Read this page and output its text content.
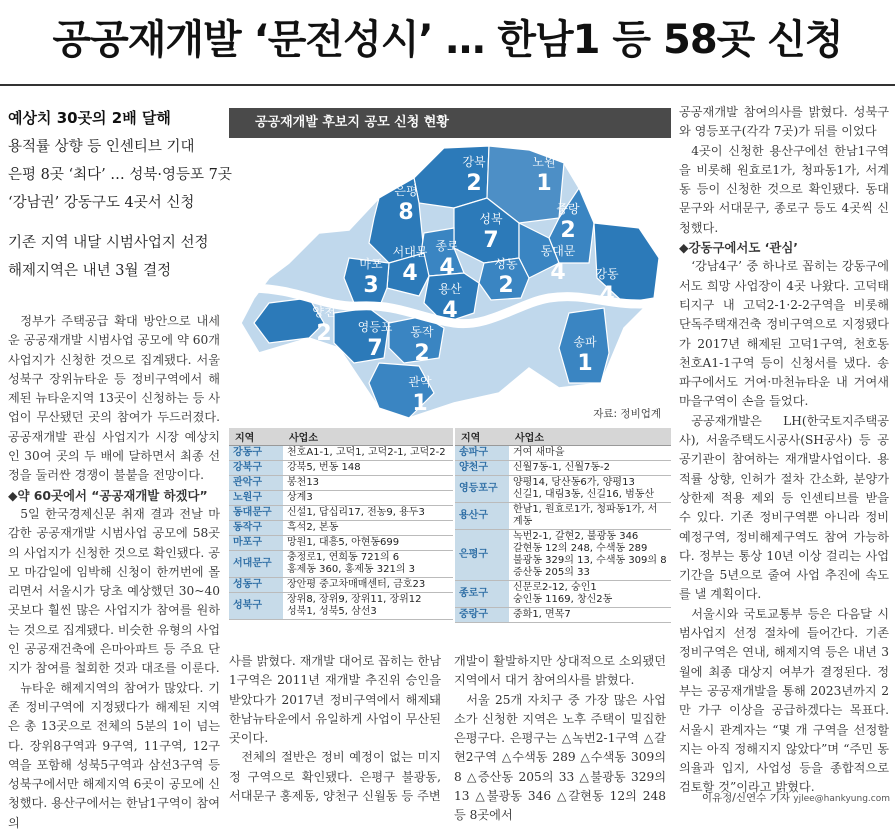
공공재개발 ‘문전성시’ … 한남1 등 58곳 신청
예상치 30곳의 2배 달해
용적률 상향 등 인센티브 기대
은평 8곳 ‘최다’ … 성북·영등포 7곳
‘강남권’ 강동구도 4곳서 신청
기존 지역 내달 시범사업지 선정
해제지역은 내년 3월 결정

정부가 주택공급 확대 방안으로 내세운 공공재개발 시범사업 공모에 약 60개 사업지가 신청한 것으로 집계됐다. 서울 성북구 장위뉴타운 등 정비구역에서 해제된 뉴타운지역 13곳이 신청하는 등 사업이 무산됐던 곳의 참여가 두드러졌다. 공공재개발 관심 사업지가 시장 예상치인 30여 곳의 두 배에 달하면서 최종 선정을 둘러싼 경쟁이 불붙을 전망이다.

◆약 60곳에서 “공공재개발 하겠다”

5일 한국경제신문 취재 결과 전날 마감한 공공재개발 시범사업 공모에 58곳의 사업지가 신청한 것으로 확인됐다. 공모 마감일에 임박해 신청이 한꺼번에 몰리면서 서울시가 당초 예상했던 30~40곳보다 훨씬 많은 사업지가 참여를 원하는 것으로 집계됐다. 비슷한 유형의 사업인 공공재건축에 은마아파트 등 주요 단지가 참여를 철회한 것과 대조를 이룬다.

뉴타운 해제지역의 참여가 많았다. 기존 정비구역에 지정됐다가 해제된 지역은 총 13곳으로 전체의 5분의 1이 넘는다. 장위8구역과 9구역, 11구역, 12구역을 포함해 성북5구역과 삼선3구역 등 성북구에서만 해제지역 6곳이 공모에 신청했다. 용산구에서는 한남1구역이 참여의

사를 밝혔다. 재개발 대어로 꼽히는 한남1구역은 2011년 재개발 추진위 승인을 받았다가 2017년 정비구역에서 해제돼 한남뉴타운에서 유일하게 사업이 무산된 곳이다.

전체의 절반은 정비 예정이 없는 미지정 구역으로 확인됐다. 은평구 불광동, 서대문구 홍제동, 양천구 신월동 등 주변

개발이 활발하지만 상대적으로 소외됐던 지역에서 대거 참여의사를 밝혔다.

서울 25개 자치구 중 가장 많은 사업소가 신청한 지역은 노후 주택이 밀집한 은평구다. 은평구는 △녹번2-1구역 △갈현2구역 △수색동 289 △수색동 309의 8 △증산동 205의 33 △불광동 329의 13 △불광동 346 △갈현동 12의 248 등 8곳에서

공공재개발 참여의사를 밝혔다. 성북구와 영등포구(각각 7곳)가 뒤를 이었다

4곳이 신청한 용산구에선 한남1구역을 비롯해 원효로1가, 청파동1가, 서계동 등이 신청한 것으로 확인됐다. 동대문구와 서대문구, 종로구 등도 4곳씩 신청했다.

◆강동구에서도 ‘관심’

‘강남4구’ 중 하나로 꼽히는 강동구에서도 희망 사업장이 4곳 나왔다. 고덕태티지구 내 고덕2-1·2-2구역을 비롯해 단독주택재건축 정비구역으로 지정됐다가 2017년 해제된 고덕1구역, 천호동 천호A1-1구역 등이 신청서를 냈다. 송파구에서도 거여·마천뉴타운 내 거여새마을구역이 손을 들었다.

공공재개발은 LH(한국토지주택공사), 서울주택도시공사(SH공사) 등 공공기관이 참여하는 재개발사업이다. 용적률 상향, 인허가 절차 간소화, 분양가 상한제 적용 제외 등 인센티브를 받을 수 있다. 기존 정비구역뿐 아니라 정비예정구역, 정비해제구역도 참여 가능하다. 정부는 통상 10년 이상 걸리는 사업 기간을 5년으로 줄여 사업 추진에 속도를 낼 계획이다.

서울시와 국토교통부 등은 다음달 시범사업지 선정 절차에 들어간다. 기존 정비구역은 연내, 해제지역 등은 내년 3월에 최종 대상지 여부가 결정된다. 정부는 공공재개발을 통해 2023년까지 2만 가구 이상을 공급하겠다는 목표다. 서울시 관계자는 “몇 개 구역을 선정할지는 아직 정해지지 않았다”며 “주민 동의율과 입지, 사업성 등을 종합적으로 검토할 것”이라고 밝혔다.

이유정/신연수 기자 yjlee@hankyung.com
공공재개발 후보지 공모 신청 현황
강북
2
노원
1
은평
8	성북
7
중랑
2
종로
4
서대문
4
동대문
4
마포
3
성동
2
용산
4
강동
4
양천
2 영등포
7
동작
2	송파
1
관악
1	자료: 정비업계
지역	사업소
강동구	천호A1-1, 고덕1, 고덕2-1, 고덕2-2

강북구	강북5, 번동 148

관악구	봉천13

노원구	상계3

동대문구	신설1, 답십리17, 전농9, 용두3

동작구	흑석2, 본동

마포구	망원1, 대흥5, 아현동699

서대문구	충정로1, 연희동 721의 6
홍제동 360, 홍제동 321의 3

성동구	장안평 중고차매매센터, 금호23

성북구	장위8, 장위9, 장위11, 장위12
성북1, 성북5, 삼선3
지역	사업소
송파구	거여 새마을

양천구	신월7동-1, 신월7동-2

영등포구	양평14, 당산동6가, 양평13
신길1, 대림3동, 신길16, 범동산

용산구	한남1, 원효로1가, 청파동1가, 서계동

은평구	녹번2-1, 갈현2, 불광동 346
갈현동 12의 248, 수색동 289
불광동 329의 13, 수색동 309의 8
증산동 205의 33

종로구	신문로2-12, 숭인1
숭인동 1169, 창신2동

중랑구	중화1, 면목7
